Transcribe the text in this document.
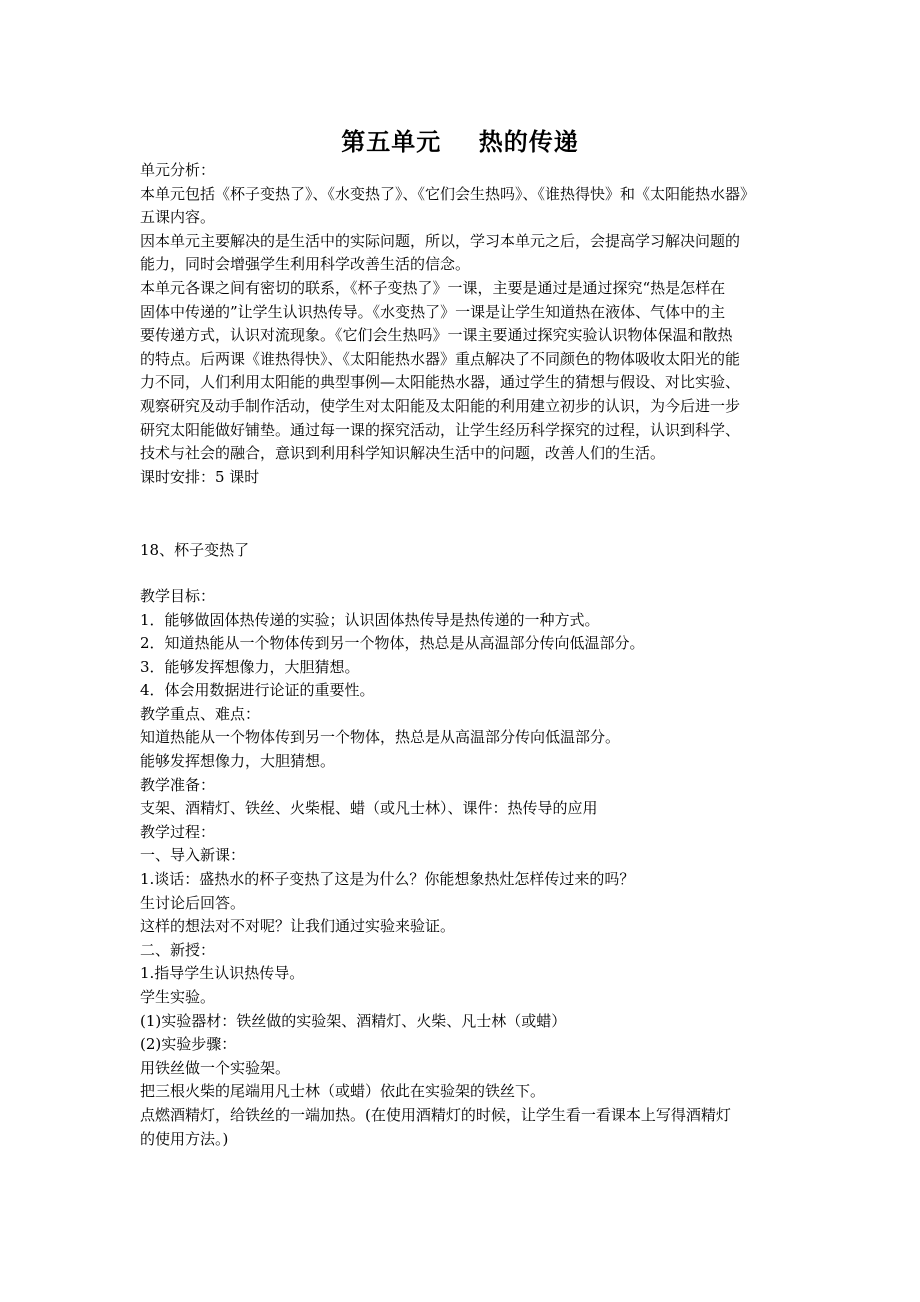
第五单元    热的传递
单元分析：
本单元包括《杯子变热了》、《水变热了》、《它们会生热吗》、《谁热得快》和《太阳能热水器》
五课内容。
因本单元主要解决的是生活中的实际问题，所以，学习本单元之后，会提高学习解决问题的
能力，同时会增强学生利用科学改善生活的信念。
本单元各课之间有密切的联系，《杯子变热了》一课，主要是通过是通过探究“热是怎样在
固体中传递的”让学生认识热传导。《水变热了》一课是让学生知道热在液体、气体中的主
要传递方式，认识对流现象。《它们会生热吗》一课主要通过探究实验认识物体保温和散热
的特点。后两课《谁热得快》、《太阳能热水器》重点解决了不同颜色的物体吸收太阳光的能
力不同，人们利用太阳能的典型事例—太阳能热水器，通过学生的猜想与假设、对比实验、
观察研究及动手制作活动，使学生对太阳能及太阳能的利用建立初步的认识，为今后进一步
研究太阳能做好铺垫。通过每一课的探究活动，让学生经历科学探究的过程，认识到科学、
技术与社会的融合，意识到利用科学知识解决生活中的问题，改善人们的生活。
课时安排：5 课时
18、杯子变热了
教学目标：
1．能够做固体热传递的实验；认识固体热传导是热传递的一种方式。
2．知道热能从一个物体传到另一个物体，热总是从高温部分传向低温部分。
3．能够发挥想像力，大胆猜想。
4．体会用数据进行论证的重要性。
教学重点、难点：
知道热能从一个物体传到另一个物体，热总是从高温部分传向低温部分。
能够发挥想像力，大胆猜想。
教学准备：
支架、酒精灯、铁丝、火柴棍、蜡（或凡士林）、课件：热传导的应用
教学过程：
一、导入新课：
1.谈话：盛热水的杯子变热了这是为什么？你能想象热灶怎样传过来的吗？
生讨论后回答。
这样的想法对不对呢？让我们通过实验来验证。
二、新授：
1.指导学生认识热传导。
学生实验。
(1)实验器材：铁丝做的实验架、酒精灯、火柴、凡士林（或蜡）
(2)实验步骤：
用铁丝做一个实验架。
把三根火柴的尾端用凡士林（或蜡）依此在实验架的铁丝下。
点燃酒精灯，给铁丝的一端加热。(在使用酒精灯的时候，让学生看一看课本上写得酒精灯
的使用方法。)
